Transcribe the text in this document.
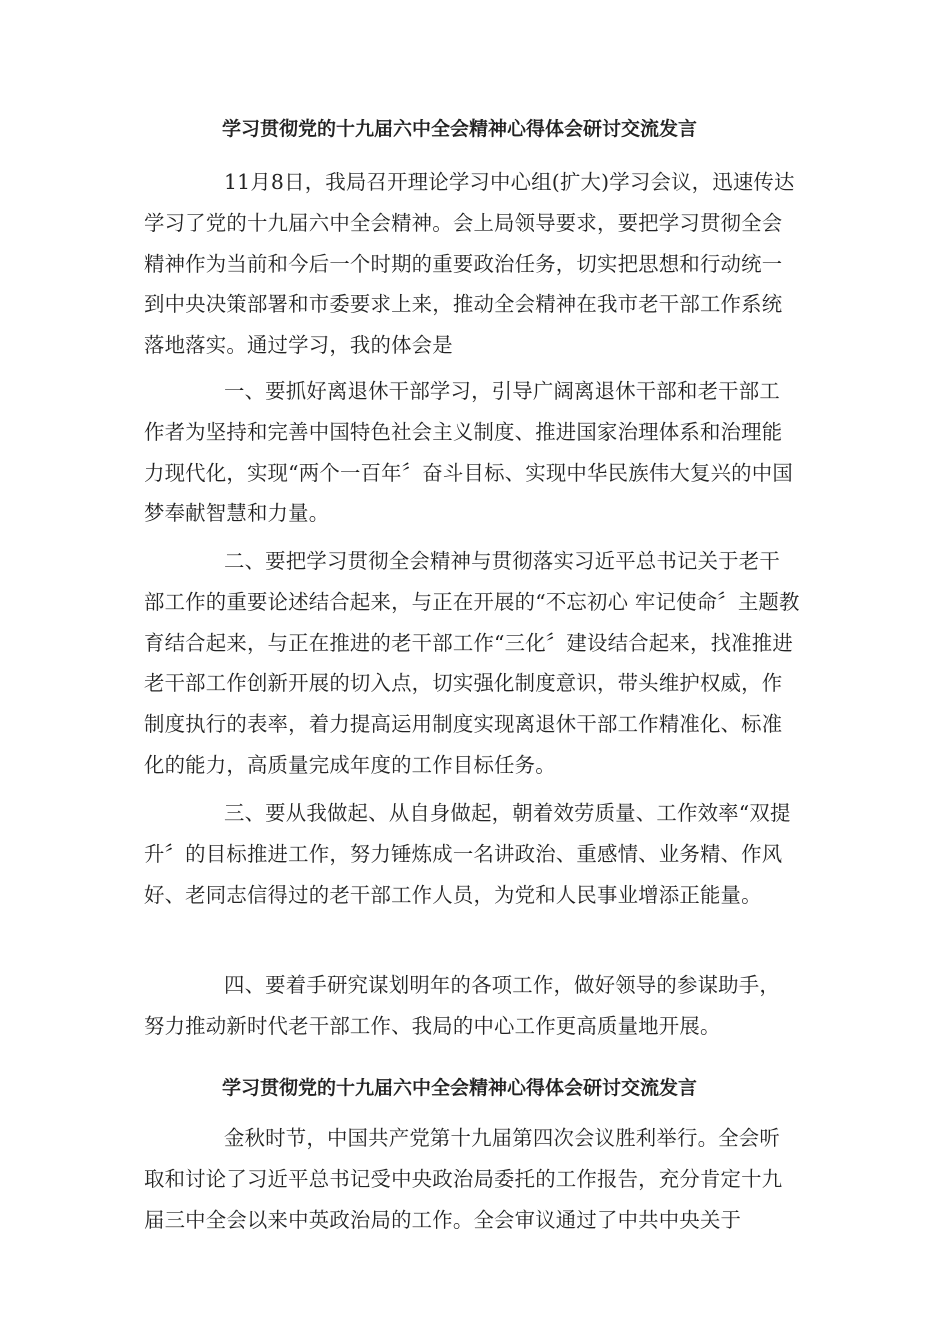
学习贯彻党的十九届六中全会精神心得体会研讨交流发言

11月8日，我局召开理论学习中心组(扩大)学习会议，迅速传达学习了党的十九届六中全会精神。会上局领导要求，要把学习贯彻全会精神作为当前和今后一个时期的重要政治任务，切实把思想和行动统一到中央决策部署和市委要求上来，推动全会精神在我市老干部工作系统落地落实。通过学习，我的体会是

一、要抓好离退休干部学习，引导广阔离退休干部和老干部工作者为坚持和完善中国特色社会主义制度、推进国家治理体系和治理能力现代化，实现“两个一百年〞奋斗目标、实现中华民族伟大复兴的中国梦奉献智慧和力量。

二、要把学习贯彻全会精神与贯彻落实习近平总书记关于老干部工作的重要论述结合起来，与正在开展的“不忘初心 牢记使命〞主题教育结合起来，与正在推进的老干部工作“三化〞建设结合起来，找准推进老干部工作创新开展的切入点，切实强化制度意识，带头维护权威，作制度执行的表率，着力提高运用制度实现离退休干部工作精准化、标准化的能力，高质量完成年度的工作目标任务。

三、要从我做起、从自身做起，朝着效劳质量、工作效率“双提升〞的目标推进工作，努力锤炼成一名讲政治、重感情、业务精、作风好、老同志信得过的老干部工作人员，为党和人民事业增添正能量。

四、要着手研究谋划明年的各项工作，做好领导的参谋助手，努力推动新时代老干部工作、我局的中心工作更高质量地开展。

学习贯彻党的十九届六中全会精神心得体会研讨交流发言

金秋时节，中国共产党第十九届第四次会议胜利举行。全会听取和讨论了习近平总书记受中央政治局委托的工作报告，充分肯定十九届三中全会以来中英政治局的工作。全会审议通过了中共中央关于
